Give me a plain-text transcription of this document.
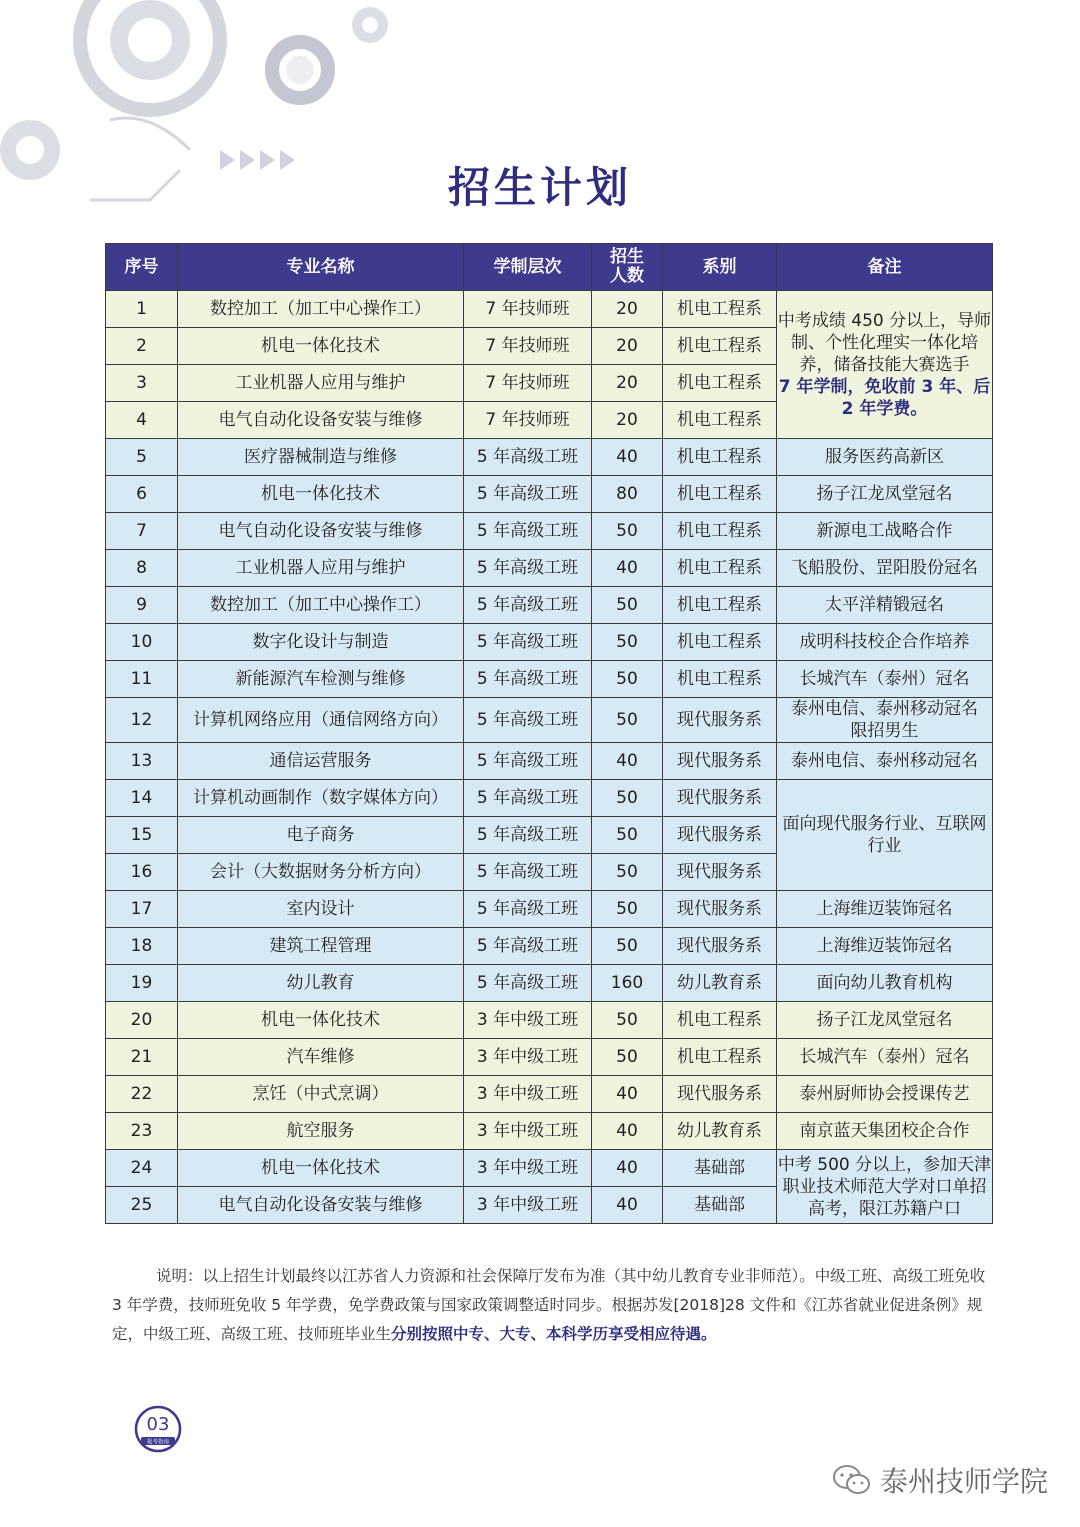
招生计划
序号	专业名称	学制层次	招生人数	系别	备注
1	数控加工（加工中心操作工）	7 年技师班	20	机电工程系	中考成绩 450 分以上，导师制、个性化理实一体化培养，储备技能大赛选手
7 年学制，免收前 3 年、后 2 年学费。
2	机电一体化技术	7 年技师班	20	机电工程系	
3	工业机器人应用与维护	7 年技师班	20	机电工程系	
4	电气自动化设备安装与维修	7 年技师班	20	机电工程系	
5	医疗器械制造与维修	5 年高级工班	40	机电工程系	服务医药高新区
6	机电一体化技术	5 年高级工班	80	机电工程系	扬子江龙凤堂冠名
7	电气自动化设备安装与维修	5 年高级工班	50	机电工程系	新源电工战略合作
8	工业机器人应用与维护	5 年高级工班	40	机电工程系	飞船股份、罡阳股份冠名
9	数控加工（加工中心操作工）	5 年高级工班	50	机电工程系	太平洋精锻冠名
10	数字化设计与制造	5 年高级工班	50	机电工程系	成明科技校企合作培养
11	新能源汽车检测与维修	5 年高级工班	50	机电工程系	长城汽车（泰州）冠名
12	计算机网络应用（通信网络方向）	5 年高级工班	50	现代服务系	泰州电信、泰州移动冠名
限招男生
13	通信运营服务	5 年高级工班	40	现代服务系	泰州电信、泰州移动冠名
14	计算机动画制作（数字媒体方向）	5 年高级工班	50	现代服务系	面向现代服务行业、互联网行业
15	电子商务	5 年高级工班	50	现代服务系	
16	会计（大数据财务分析方向）	5 年高级工班	50	现代服务系	
17	室内设计	5 年高级工班	50	现代服务系	上海维迈装饰冠名
18	建筑工程管理	5 年高级工班	50	现代服务系	上海维迈装饰冠名
19	幼儿教育	5 年高级工班	160	幼儿教育系	面向幼儿教育机构
20	机电一体化技术	3 年中级工班	50	机电工程系	扬子江龙凤堂冠名
21	汽车维修	3 年中级工班	50	机电工程系	长城汽车（泰州）冠名
22	烹饪（中式烹调）	3 年中级工班	40	现代服务系	泰州厨师协会授课传艺
23	航空服务	3 年中级工班	40	幼儿教育系	南京蓝天集团校企合作
24	机电一体化技术	3 年中级工班	40	基础部	中考 500 分以上，参加天津职业技术师范大学对口单招高考，限江苏籍户口
25	电气自动化设备安装与维修	3 年中级工班	40	基础部	
说明：以上招生计划最终以江苏省人力资源和社会保障厅发布为准（其中幼儿教育专业非师范）。中级工班、高级工班免收 3 年学费，技师班免收 5 年学费，免学费政策与国家政策调整适时同步。根据苏发[2018]28 文件和《江苏省就业促进条例》规定，中级工班、高级工班、技师班毕业生分别按照中专、大专、本科学历享受相应待遇。
03
报考指南
泰州技师学院
